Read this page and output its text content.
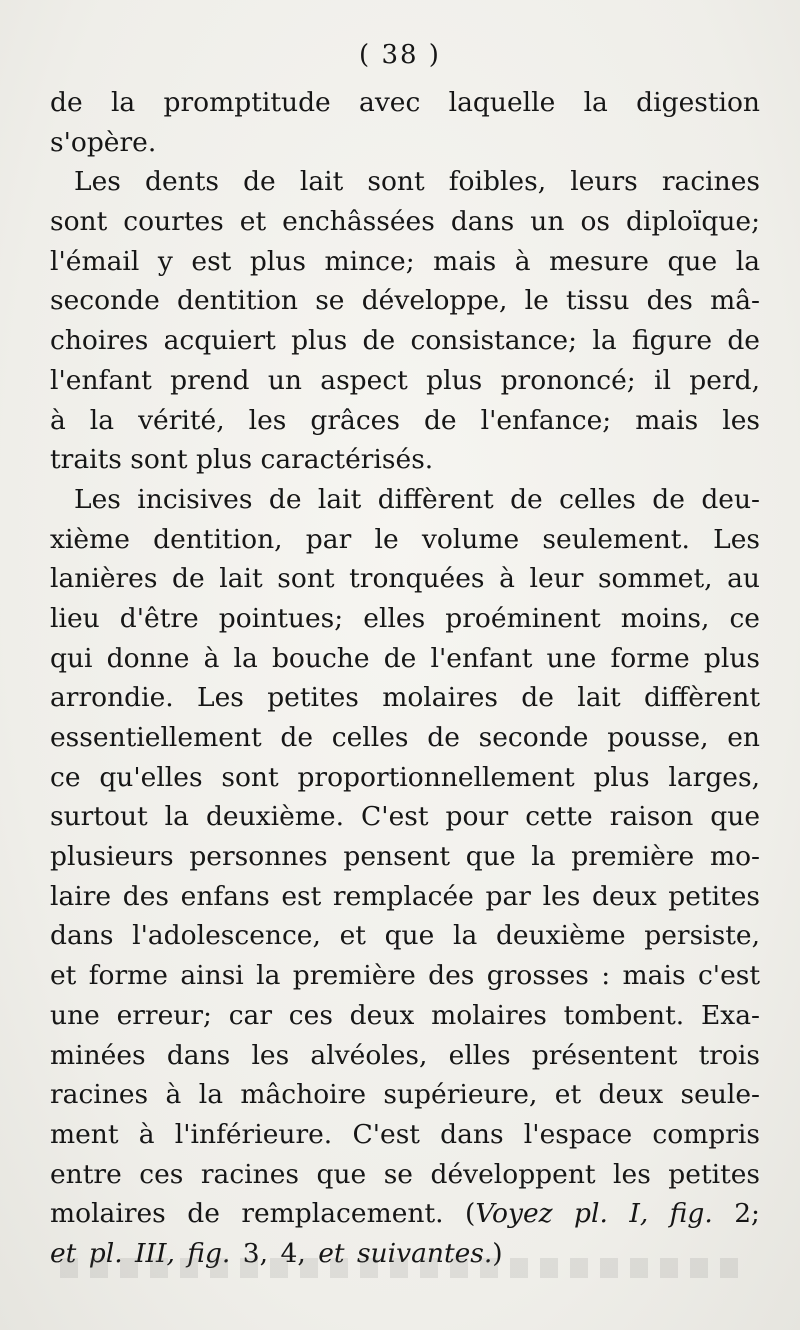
( 38 )
de la promptitude avec laquelle la digestion
s'opère.
Les dents de lait sont foibles, leurs racines
sont courtes et enchâssées dans un os diploïque;
l'émail y est plus mince; mais à mesure que la
seconde dentition se développe, le tissu des mâ-
choires acquiert plus de consistance; la figure de
l'enfant prend un aspect plus prononcé; il perd,
à la vérité, les grâces de l'enfance; mais les
traits sont plus caractérisés.
Les incisives de lait diffèrent de celles de deu-
xième dentition, par le volume seulement. Les
lanières de lait sont tronquées à leur sommet, au
lieu d'être pointues; elles proéminent moins, ce
qui donne à la bouche de l'enfant une forme plus
arrondie. Les petites molaires de lait diffèrent
essentiellement de celles de seconde pousse, en
ce qu'elles sont proportionnellement plus larges,
surtout la deuxième. C'est pour cette raison que
plusieurs personnes pensent que la première mo-
laire des enfans est remplacée par les deux petites
dans l'adolescence, et que la deuxième persiste,
et forme ainsi la première des grosses : mais c'est
une erreur; car ces deux molaires tombent. Exa-
minées dans les alvéoles, elles présentent trois
racines à la mâchoire supérieure, et deux seule-
ment à l'inférieure. C'est dans l'espace compris
entre ces racines que se développent les petites
molaires de remplacement. (Voyez pl. I, fig. 2;
et pl. III, fig. 3, 4, et suivantes.)
